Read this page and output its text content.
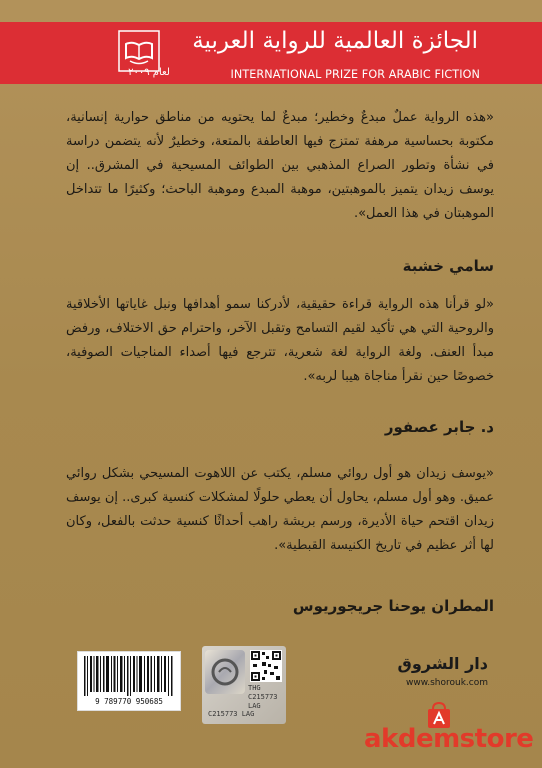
الجائزة العالمية للرواية العربية
لعام ٢٠٠٩	INTERNATIONAL PRIZE FOR ARABIC FICTION
«هذه الرواية عملٌ مبدعٌ وخطير؛ مبدعٌ لما يحتويه من مناطق حوارية إنسانية، مكتوبة بحساسية مرهفة تمتزج فيها العاطفة بالمتعة، وخطيرٌ لأنه يتضمن دراسة في نشأة وتطور الصراع المذهبي بين الطوائف المسيحية في المشرق.. إن يوسف زيدان يتميز بالموهبتين، موهبة المبدع وموهبة الباحث؛ وكثيرًا ما تتداخل الموهبتان في هذا العمل».
سامي خشبة
«لو قرأنا هذه الرواية قراءة حقيقية، لأدركنا سمو أهدافها ونبل غاياتها الأخلاقية والروحية التي هي تأكيد لقيم التسامح وتقبل الآخر، واحترام حق الاختلاف، ورفض مبدأ العنف. ولغة الرواية لغة شعرية، تترجع فيها أصداء المناجيات الصوفية، خصوصًا حين نقرأ مناجاة هيبا لربه».
د. جابر عصفور
«يوسف زيدان هو أول روائي مسلم، يكتب عن اللاهوت المسيحي بشكل روائي عميق. وهو أول مسلم، يحاول أن يعطي حلولًا لمشكلات كنسية كبرى.. إن يوسف زيدان اقتحم حياة الأديرة، ورسم بريشة راهب أحداثًا كنسية حدثت بالفعل، وكان لها أثر عظيم في تاريخ الكنيسة القبطية».
المطران يوحنا جريجوريوس
9 789770 950685
THG
C215773
LAG
C215773 LAG
دار الشروق
www.shorouk.com
akdemstore
